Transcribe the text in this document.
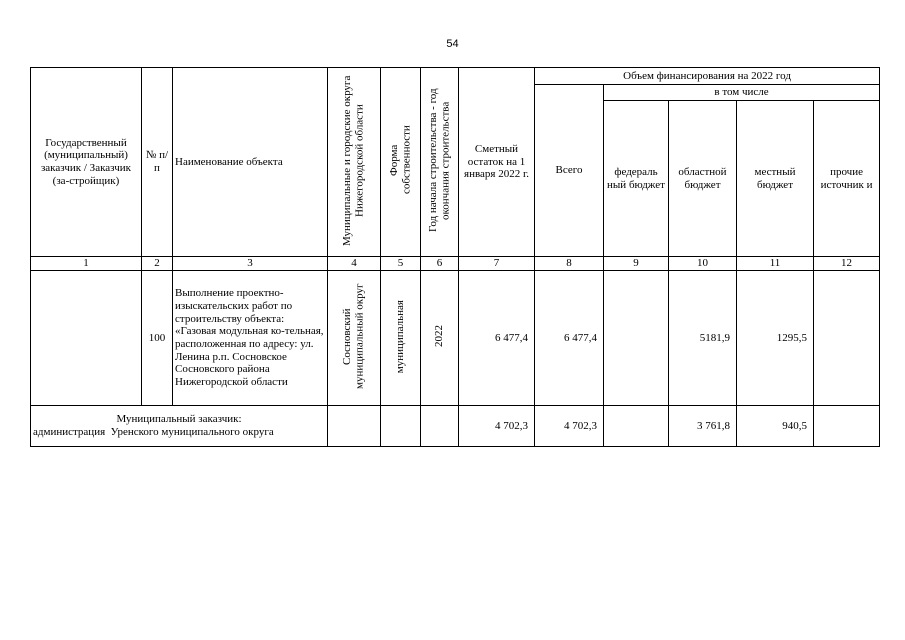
54
Государственный (муниципальный) заказчик / Заказчик (за-стройщик)	№ п/п	Наименование объекта	Муниципальные и городские округа Нижегородской области	Форма собственности	Год начала строительства - год окончания строительства	Сметный остаток на 1 января 2022 г.	Объем финансирования на 2022 год				
							Всего	в том числе			
								федераль ный бюджет	областной бюджет	местный бюджет	прочие источник и
1	2	3	4	5	6	7	8	9	10	11	12
	100	Выполнение проектно-изыскательских работ по строительству объекта: «Газовая модульная ко-тельная, расположенная по адресу: ул. Ленина р.п. Сосновское Сосновского района Нижегородской области	Сосновский муниципальный округ	муниципальная	2022	6 477,4	6 477,4		5181,9	1295,5	

Муниципальный заказчик:
администрация  Уренского муниципального округа						4 702,3	4 702,3		3 761,8	940,5	
